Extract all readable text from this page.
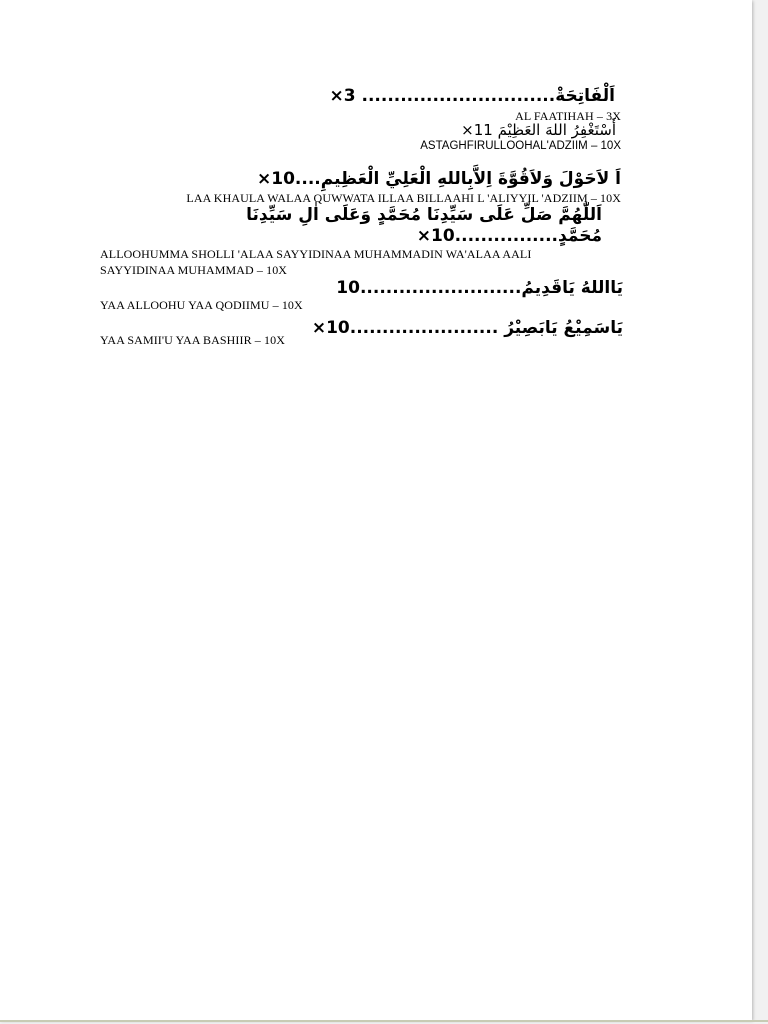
اَلْفَاتِحَةْ.............................. 3×
AL FAATIHAH – 3X
أَسْتَغْفِرُ اللهَ العَظِيْمَ 11×
ASTAGHFIRULLOOHAL'ADZIIM – 10X
اَ لاَحَوْلَ وَلاَقُوَّةَ اِلاَّبِاللهِ الْعَلِيِّ الْعَظِيمِ....10×
LAA KHAULA WALAA QUWWATA ILLAA BILLAAHI L 'ALIYYIL 'ADZIIM – 10X
اَللّٰهُمَّ صَلِّ عَلَى سَيِّدِنَا مُحَمَّدٍ وَعَلَى اٰلِ سَيِّدِنَا
مُحَمَّدٍ................10×
ALLOOHUMMA SHOLLI 'ALAA SAYYIDINAA MUHAMMADIN WA'ALAA AALI
SAYYIDINAA MUHAMMAD – 10X
يَااللهُ يَاقَدِيمُ.........................10
YAA ALLOOHU YAA QODIIMU – 10X
يَاسَمِيْعُ يَابَصِيْرُ .......................10×
YAA SAMII'U YAA BASHIIR – 10X
